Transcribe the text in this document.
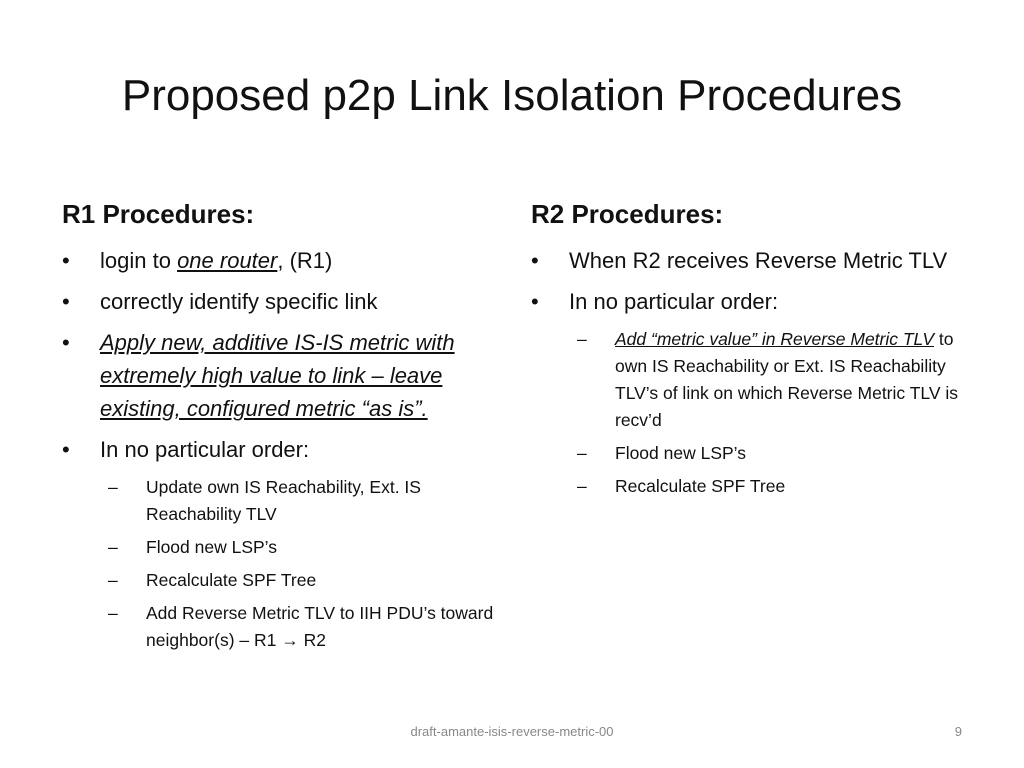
Proposed p2p Link Isolation Procedures
R1 Procedures:
• login to one router, (R1)
• correctly identify specific link
• Apply new, additive IS-IS metric with extremely high value to link – leave existing, configured metric “as is”.
• In no particular order:
– Update own IS Reachability, Ext. IS Reachability TLV
– Flood new LSP’s
– Recalculate SPF Tree
– Add Reverse Metric TLV to IIH PDU’s toward neighbor(s) – R1 → R2
R2 Procedures:
• When R2 receives Reverse Metric TLV
• In no particular order:
– Add “metric value” in Reverse Metric TLV to own IS Reachability or Ext. IS Reachability TLV’s of link on which Reverse Metric TLV is recv’d
– Flood new LSP’s
– Recalculate SPF Tree
draft-amante-isis-reverse-metric-00	9
